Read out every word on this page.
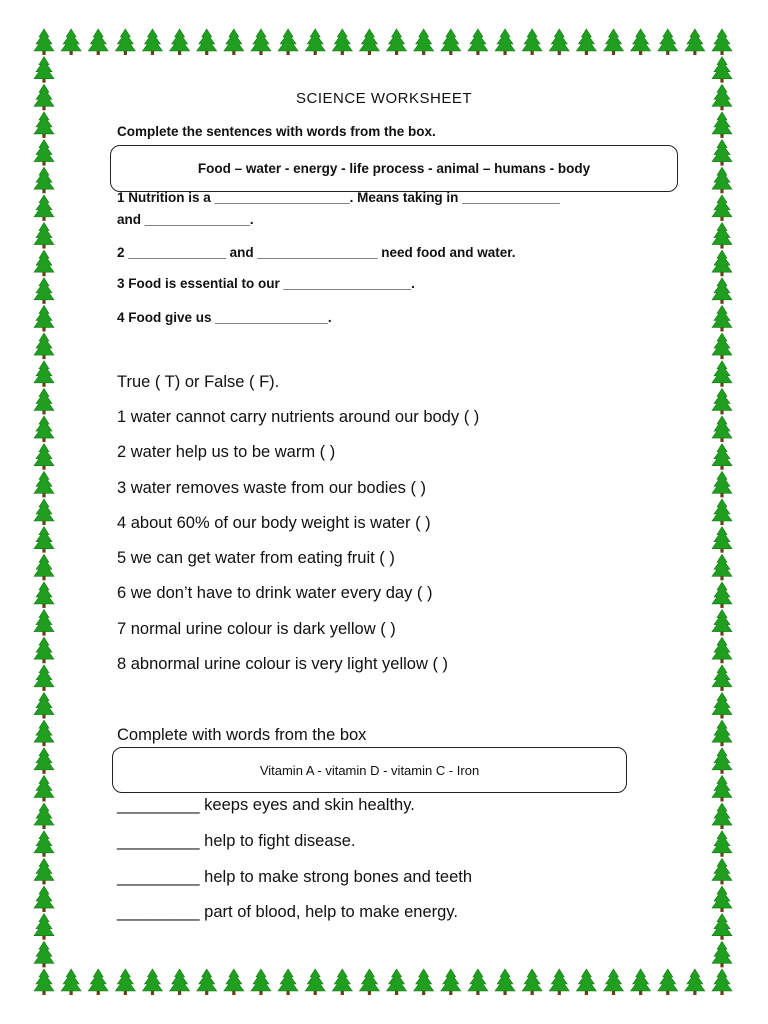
SCIENCE WORKSHEET
Complete the sentences with words from the box.
Food – water - energy - life process - animal – humans - body
1 Nutrition is a __________________. Means taking in _____________
and ______________.
2 _____________ and ________________ need food and water.
3 Food is essential to our _________________.
4 Food give us _______________.
True ( T) or False ( F).
1 water cannot carry nutrients around our body ( )
2 water help us to be warm ( )
3 water removes waste from our bodies ( )
4 about 60% of our body weight is water ( )
5 we can get water from eating fruit ( )
6 we don’t have to drink water every day ( )
7 normal urine colour is dark yellow ( )
8 abnormal urine colour is very light yellow ( )
Complete with words from the box
Vitamin A - vitamin D - vitamin C - Iron
_________ keeps eyes and skin healthy.
_________ help to fight disease.
_________ help to make strong bones and teeth
_________ part of blood, help to make energy.
